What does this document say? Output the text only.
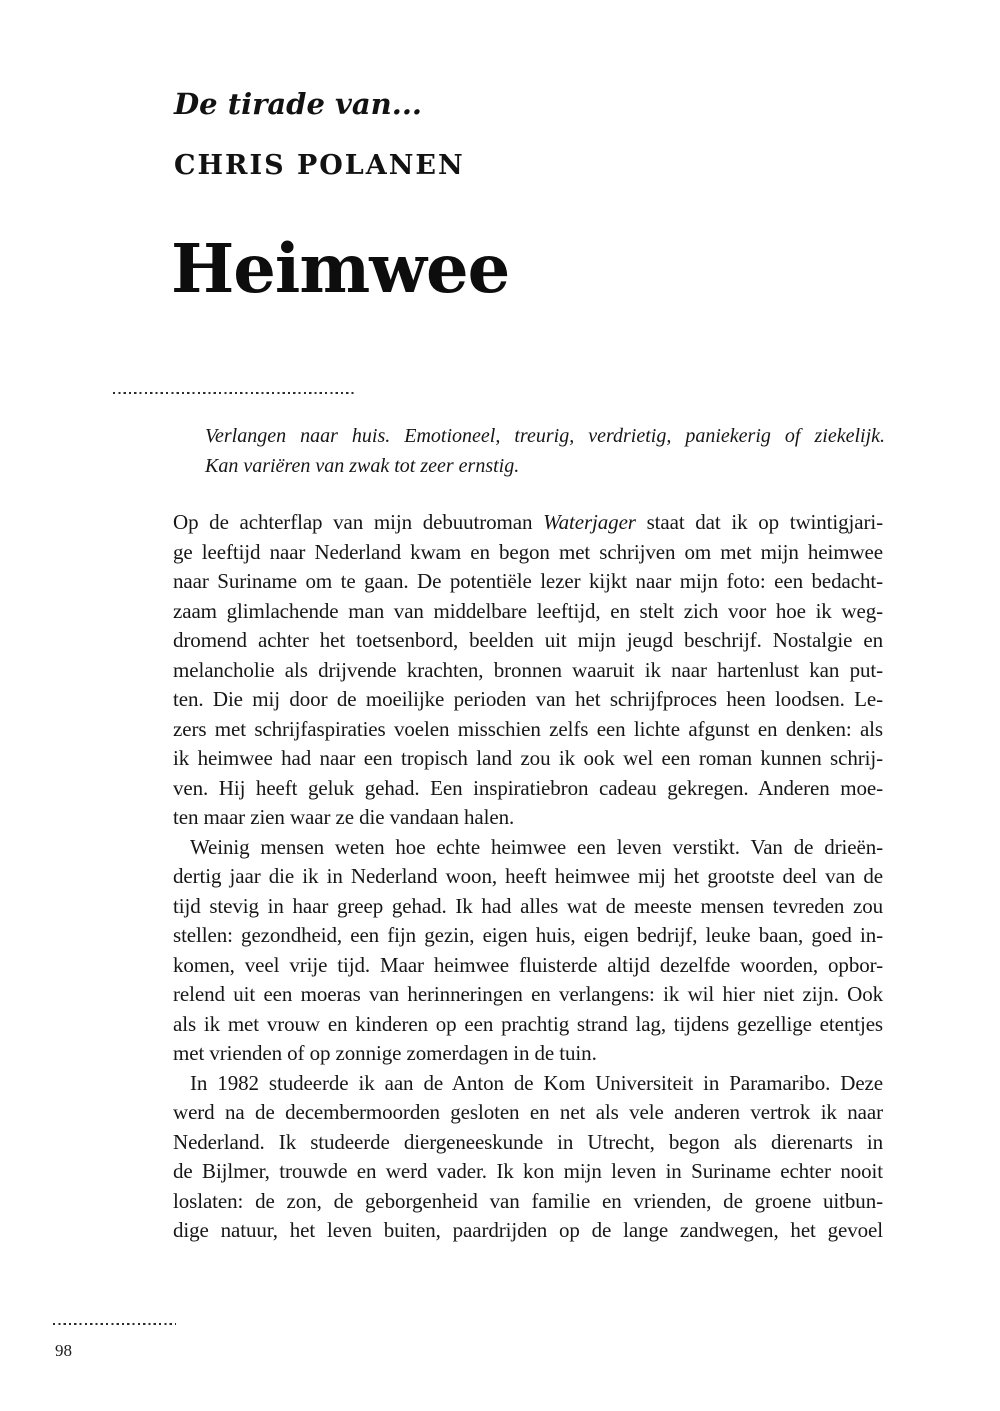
De tirade van...
CHRIS POLANEN
Heimwee
Verlangen naar huis. Emotioneel, treurig, verdrietig, paniekerig of ziekelijk.
Kan variëren van zwak tot zeer ernstig.
Op de achterflap van mijn debuutroman Waterjager staat dat ik op twintigjari-
ge leeftijd naar Nederland kwam en begon met schrijven om met mijn heimwee
naar Suriname om te gaan. De potentiële lezer kijkt naar mijn foto: een bedacht-
zaam glimlachende man van middelbare leeftijd, en stelt zich voor hoe ik weg-
dromend achter het toetsenbord, beelden uit mijn jeugd beschrijf. Nostalgie en
melancholie als drijvende krachten, bronnen waaruit ik naar hartenlust kan put-
ten. Die mij door de moeilijke perioden van het schrijfproces heen loodsen. Le-
zers met schrijfaspiraties voelen misschien zelfs een lichte afgunst en denken: als
ik heimwee had naar een tropisch land zou ik ook wel een roman kunnen schrij-
ven. Hij heeft geluk gehad. Een inspiratiebron cadeau gekregen. Anderen moe-
ten maar zien waar ze die vandaan halen.
Weinig mensen weten hoe echte heimwee een leven verstikt. Van de drieën-
dertig jaar die ik in Nederland woon, heeft heimwee mij het grootste deel van de
tijd stevig in haar greep gehad. Ik had alles wat de meeste mensen tevreden zou
stellen: gezondheid, een fijn gezin, eigen huis, eigen bedrijf, leuke baan, goed in-
komen, veel vrije tijd. Maar heimwee fluisterde altijd dezelfde woorden, opbor-
relend uit een moeras van herinneringen en verlangens: ik wil hier niet zijn. Ook
als ik met vrouw en kinderen op een prachtig strand lag, tijdens gezellige etentjes
met vrienden of op zonnige zomerdagen in de tuin.
In 1982 studeerde ik aan de Anton de Kom Universiteit in Paramaribo. Deze
werd na de decembermoorden gesloten en net als vele anderen vertrok ik naar
Nederland. Ik studeerde diergeneeskunde in Utrecht, begon als dierenarts in
de Bijlmer, trouwde en werd vader. Ik kon mijn leven in Suriname echter nooit
loslaten: de zon, de geborgenheid van familie en vrienden, de groene uitbun-
dige natuur, het leven buiten, paardrijden op de lange zandwegen, het gevoel
98
